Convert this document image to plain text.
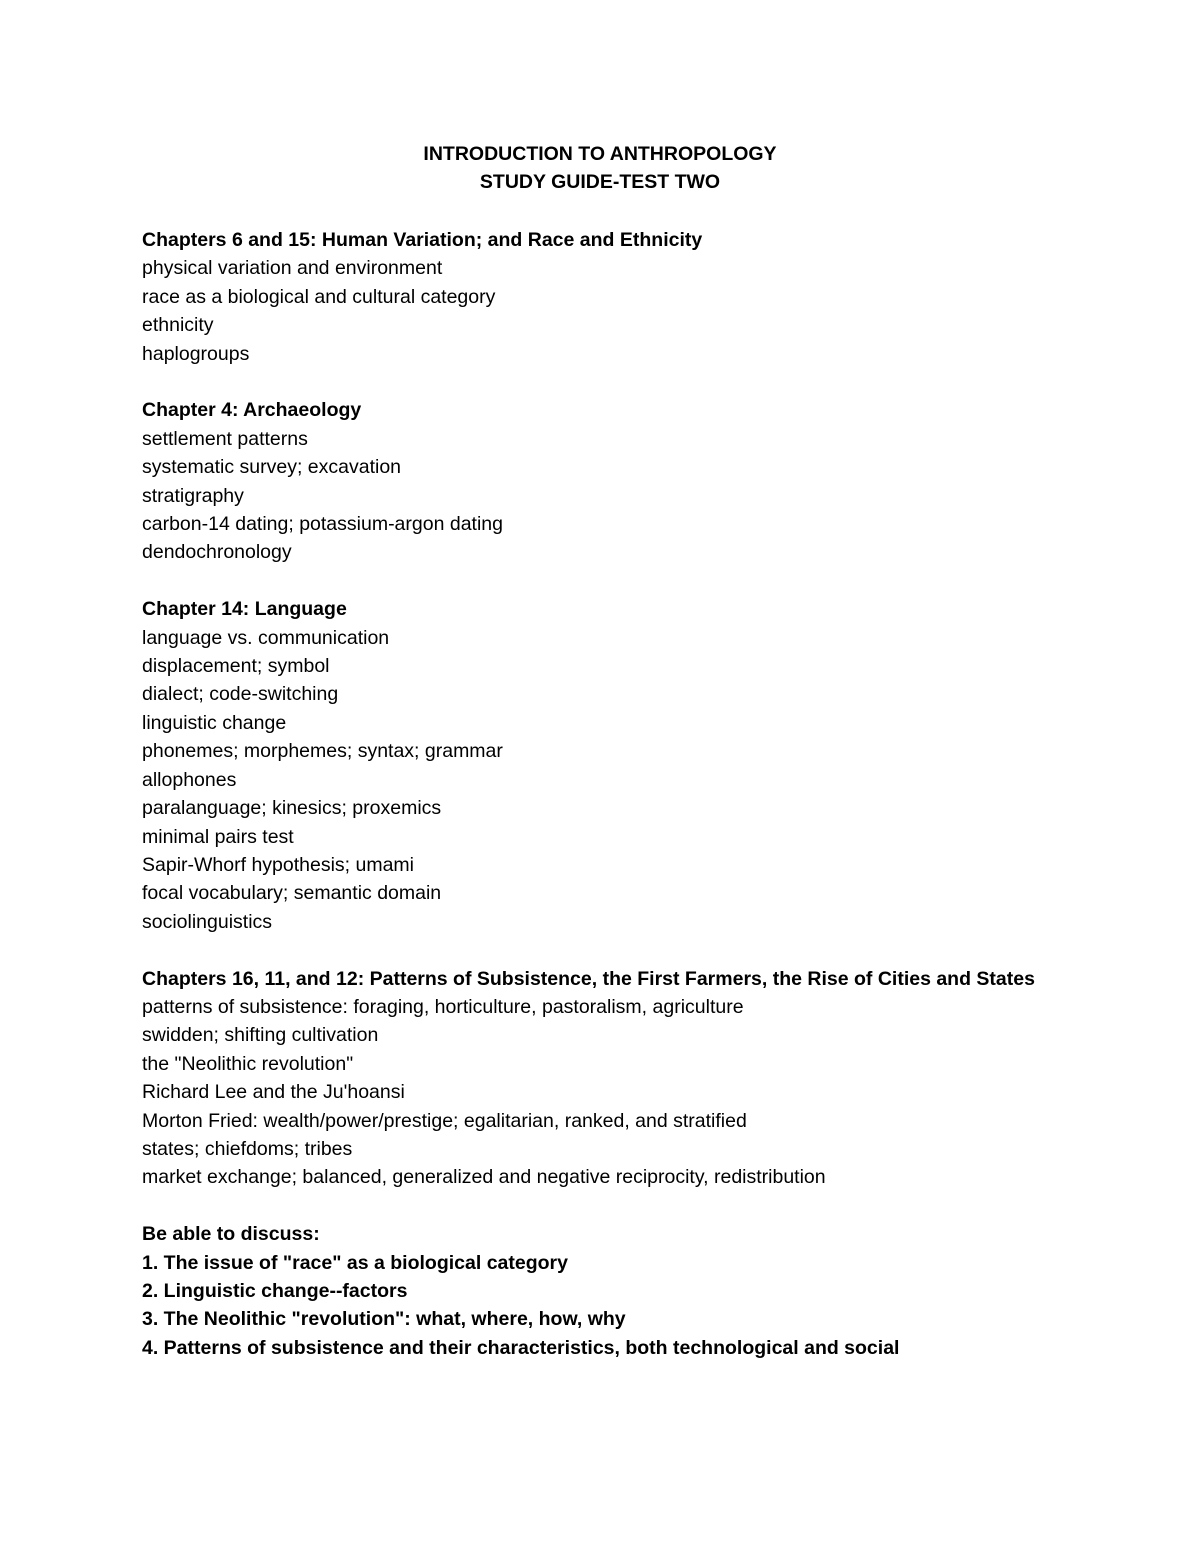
INTRODUCTION TO ANTHROPOLOGY
STUDY GUIDE-TEST TWO
Chapters 6 and 15: Human Variation; and Race and Ethnicity
physical variation and environment
race as a biological and cultural category
ethnicity
haplogroups
Chapter 4: Archaeology
settlement patterns
systematic survey; excavation
stratigraphy
carbon-14 dating; potassium-argon dating
dendochronology
Chapter 14: Language
language vs. communication
displacement; symbol
dialect; code-switching
linguistic change
phonemes; morphemes; syntax; grammar
allophones
paralanguage; kinesics; proxemics
minimal pairs test
Sapir-Whorf hypothesis; umami
focal vocabulary; semantic domain
sociolinguistics
Chapters 16, 11, and 12: Patterns of Subsistence, the First Farmers, the Rise of Cities and States
patterns of subsistence: foraging, horticulture, pastoralism, agriculture
swidden; shifting cultivation
the "Neolithic revolution"
Richard Lee and the Ju'hoansi
Morton Fried: wealth/power/prestige; egalitarian, ranked, and stratified
states; chiefdoms; tribes
market exchange; balanced, generalized and negative reciprocity, redistribution
Be able to discuss:
1. The issue of "race" as a biological category
2. Linguistic change--factors
3. The Neolithic "revolution": what, where, how, why
4. Patterns of subsistence and their characteristics, both technological and social
